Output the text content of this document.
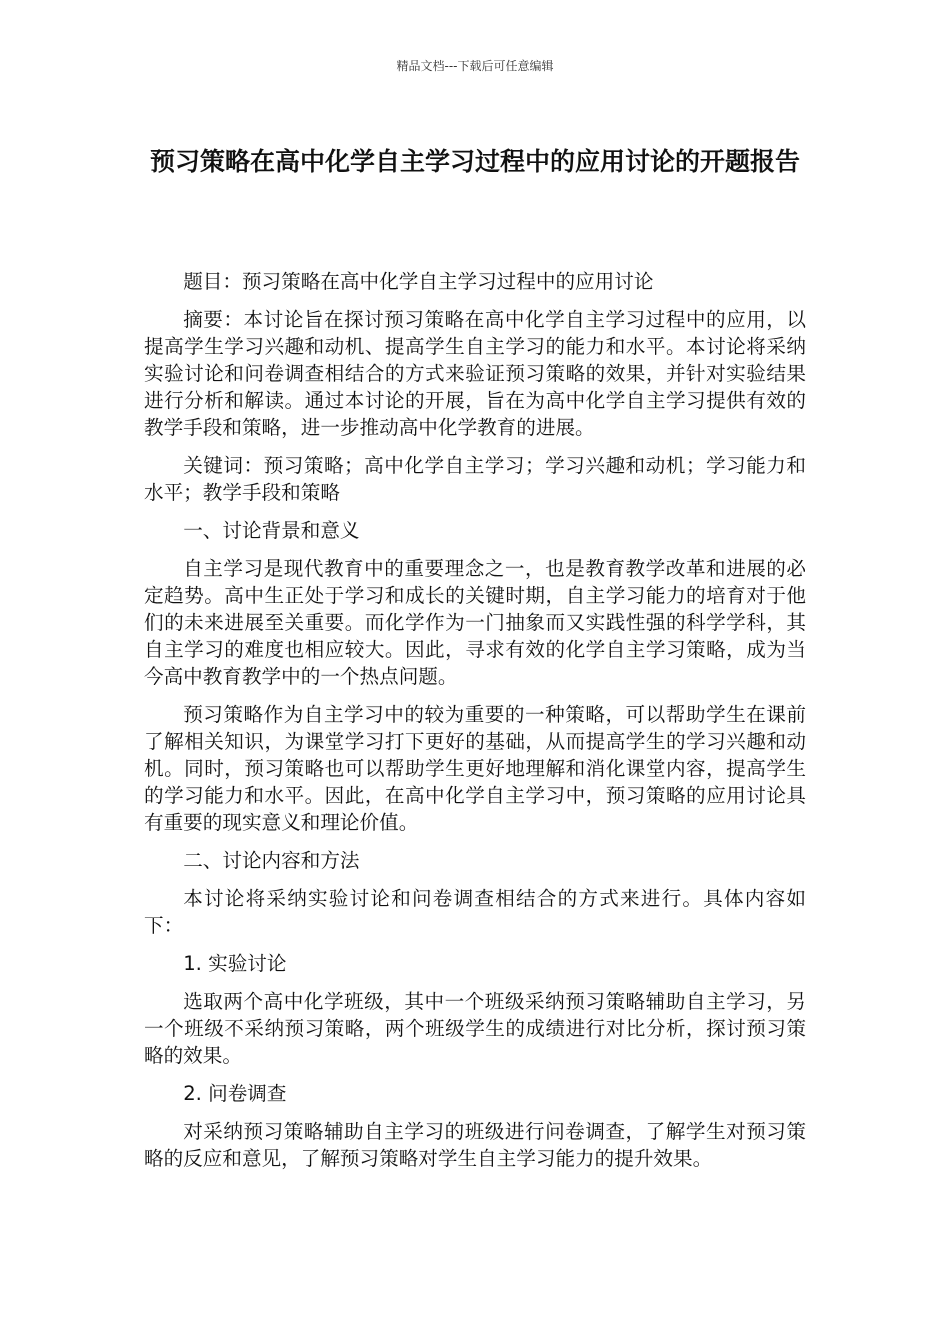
精品文档---下载后可任意编辑
预习策略在高中化学自主学习过程中的应用讨论的开题报告

题目：预习策略在高中化学自主学习过程中的应用讨论

摘要：本讨论旨在探讨预习策略在高中化学自主学习过程中的应用，以提高学生学习兴趣和动机、提高学生自主学习的能力和水平。本讨论将采纳实验讨论和问卷调查相结合的方式来验证预习策略的效果，并针对实验结果进行分析和解读。通过本讨论的开展，旨在为高中化学自主学习提供有效的教学手段和策略，进一步推动高中化学教育的进展。

关键词：预习策略；高中化学自主学习；学习兴趣和动机；学习能力和水平；教学手段和策略

一、讨论背景和意义

自主学习是现代教育中的重要理念之一，也是教育教学改革和进展的必定趋势。高中生正处于学习和成长的关键时期，自主学习能力的培育对于他们的未来进展至关重要。而化学作为一门抽象而又实践性强的科学学科，其自主学习的难度也相应较大。因此，寻求有效的化学自主学习策略，成为当今高中教育教学中的一个热点问题。

预习策略作为自主学习中的较为重要的一种策略，可以帮助学生在课前了解相关知识，为课堂学习打下更好的基础，从而提高学生的学习兴趣和动机。同时，预习策略也可以帮助学生更好地理解和消化课堂内容，提高学生的学习能力和水平。因此，在高中化学自主学习中，预习策略的应用讨论具有重要的现实意义和理论价值。

二、讨论内容和方法

本讨论将采纳实验讨论和问卷调查相结合的方式来进行。具体内容如下：

1. 实验讨论

选取两个高中化学班级，其中一个班级采纳预习策略辅助自主学习，另一个班级不采纳预习策略，两个班级学生的成绩进行对比分析，探讨预习策略的效果。

2. 问卷调查

对采纳预习策略辅助自主学习的班级进行问卷调查，了解学生对预习策略的反应和意见，了解预习策略对学生自主学习能力的提升效果。
